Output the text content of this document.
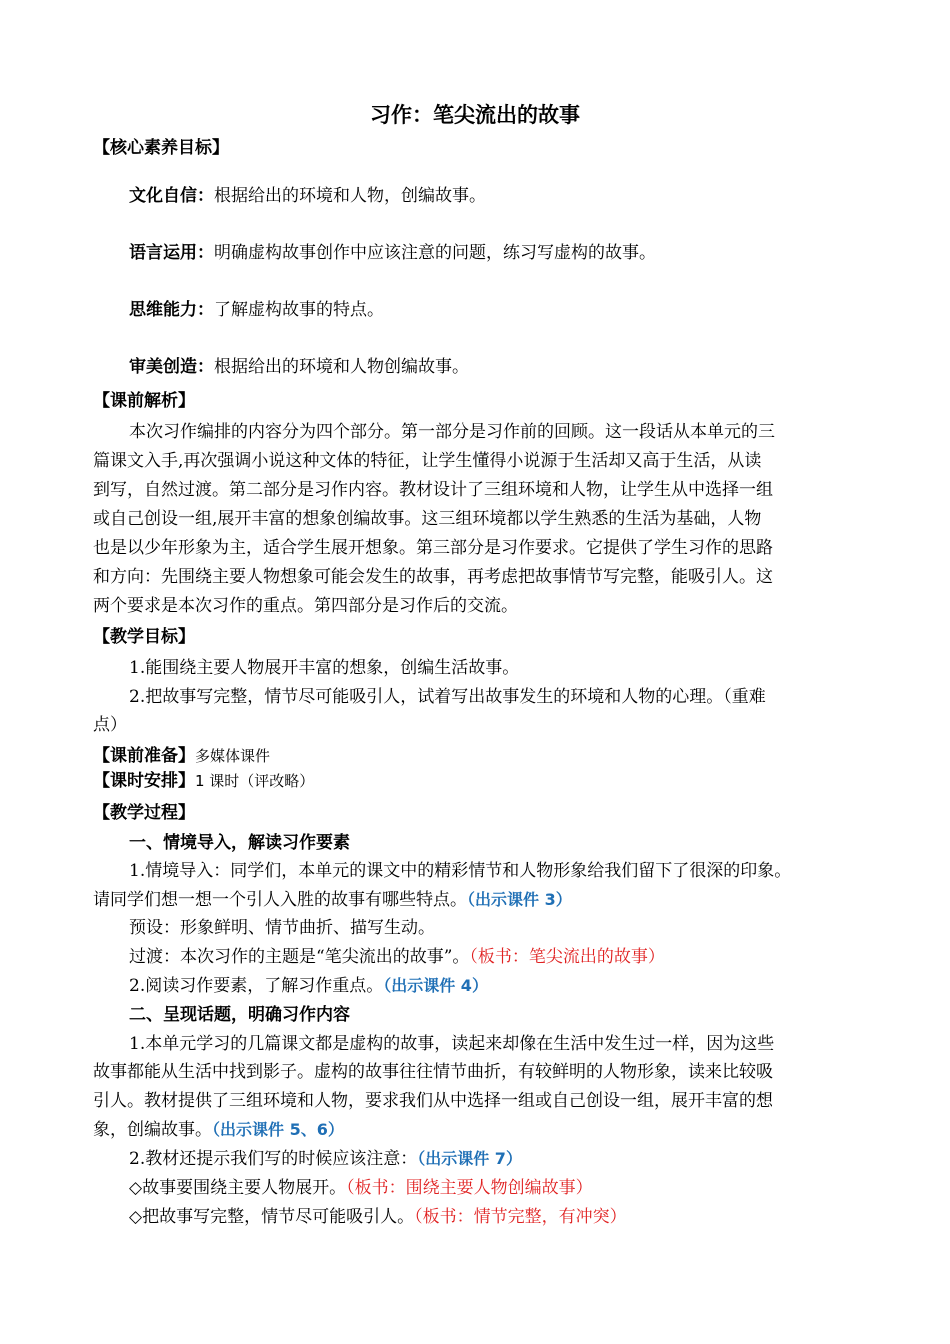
习作：笔尖流出的故事
【核心素养目标】
文化自信：根据给出的环境和人物，创编故事。
语言运用：明确虚构故事创作中应该注意的问题，练习写虚构的故事。
思维能力：了解虚构故事的特点。
审美创造：根据给出的环境和人物创编故事。
【课前解析】
本次习作编排的内容分为四个部分。第一部分是习作前的回顾。这一段话从本单元的三
篇课文入手,再次强调小说这种文体的特征，让学生懂得小说源于生活却又高于生活，从读
到写，自然过渡。第二部分是习作内容。教材设计了三组环境和人物，让学生从中选择一组
或自己创设一组,展开丰富的想象创编故事。这三组环境都以学生熟悉的生活为基础，人物
也是以少年形象为主，适合学生展开想象。第三部分是习作要求。它提供了学生习作的思路
和方向：先围绕主要人物想象可能会发生的故事，再考虑把故事情节写完整，能吸引人。这
两个要求是本次习作的重点。第四部分是习作后的交流。
【教学目标】
1.能围绕主要人物展开丰富的想象，创编生活故事。
2.把故事写完整，情节尽可能吸引人，试着写出故事发生的环境和人物的心理。（重难
点）
【课前准备】多媒体课件
【课时安排】1 课时（评改略）
【教学过程】
一、情境导入，解读习作要素
1.情境导入：同学们，本单元的课文中的精彩情节和人物形象给我们留下了很深的印象。
请同学们想一想一个引人入胜的故事有哪些特点。（出示课件 3）
预设：形象鲜明、情节曲折、描写生动。
过渡：本次习作的主题是“笔尖流出的故事”。（板书：笔尖流出的故事）
2.阅读习作要素，了解习作重点。（出示课件 4）
二、呈现话题，明确习作内容
1.本单元学习的几篇课文都是虚构的故事，读起来却像在生活中发生过一样，因为这些
故事都能从生活中找到影子。虚构的故事往往情节曲折，有较鲜明的人物形象，读来比较吸
引人。教材提供了三组环境和人物，要求我们从中选择一组或自己创设一组，展开丰富的想
象，创编故事。（出示课件 5、6）
2.教材还提示我们写的时候应该注意：（出示课件 7）
◇故事要围绕主要人物展开。（板书：围绕主要人物创编故事）
◇把故事写完整，情节尽可能吸引人。（板书：情节完整，有冲突）
